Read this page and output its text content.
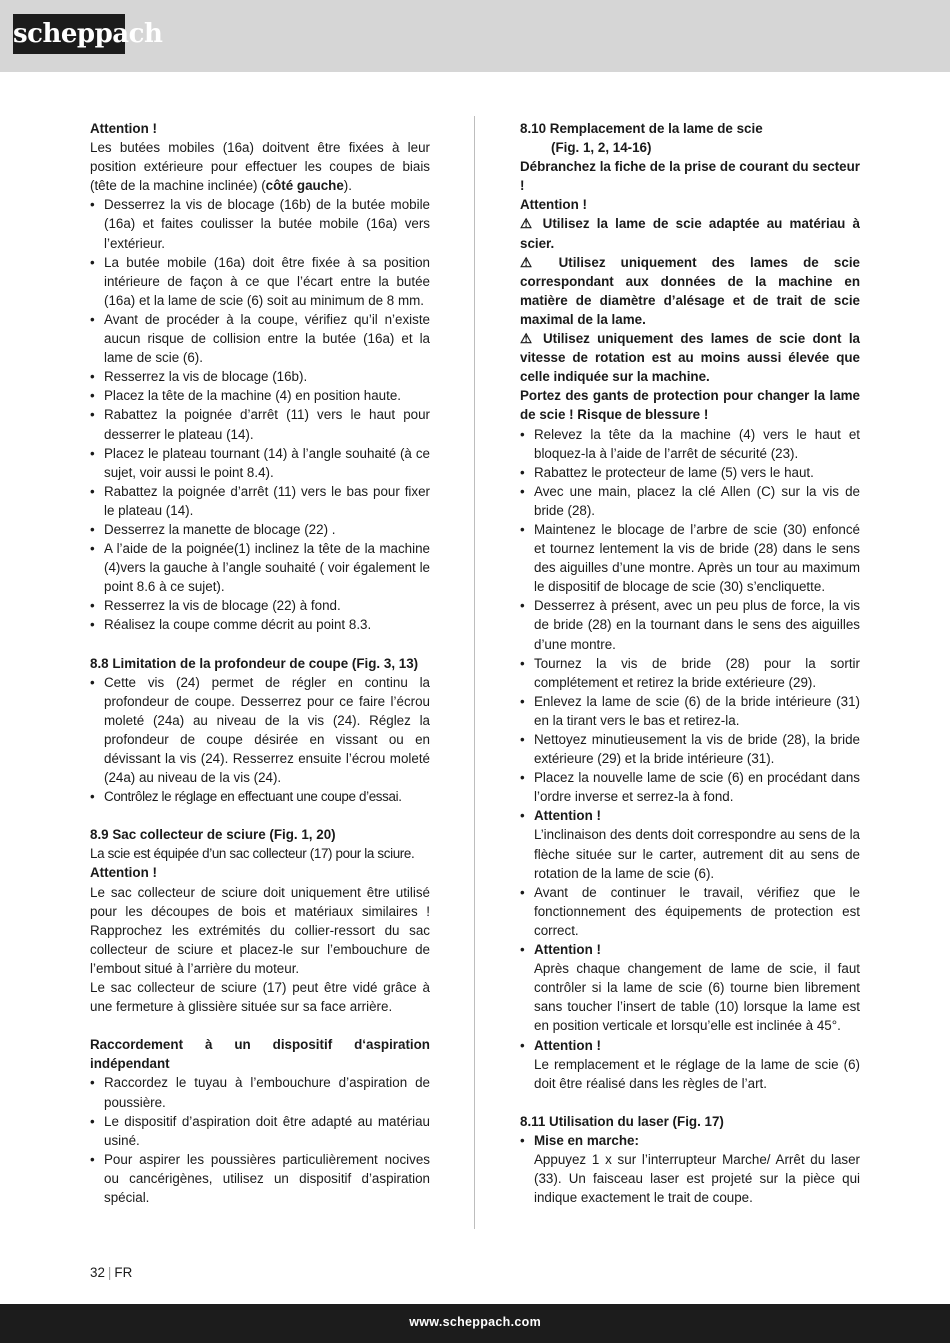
scheppach

Attention !

Les butées mobiles (16a) doitvent être fixées à leur position extérieure pour effectuer les coupes de biais (tête de la machine inclinée) (côté gauche).

• Desserrez la vis de blocage (16b) de la butée mobile (16a) et faites coulisser la butée mobile (16a) vers l’extérieur.
• La butée mobile (16a) doit être fixée à sa position intérieure de façon à ce que l’écart entre la butée (16a) et la lame de scie (6) soit au minimum de 8 mm.
• Avant de procéder à la coupe, vérifiez qu’il n’existe aucun risque de collision entre la butée (16a) et la lame de scie (6).
• Resserrez la vis de blocage (16b).
• Placez la tête de la machine (4) en position haute.
• Rabattez la poignée d’arrêt (11) vers le haut pour desserrer le plateau (14).
• Placez le plateau tournant (14) à l’angle souhaité (à ce sujet, voir aussi le point 8.4).
• Rabattez la poignée d’arrêt (11) vers le bas pour fixer le plateau (14).
• Desserrez la manette de blocage (22) .
• A l’aide de la poignée(1) inclinez la tête de la machine (4)vers la gauche à l’angle souhaité ( voir également le point 8.6 à ce sujet).
• Resserrez la vis de blocage (22) à fond.
• Réalisez la coupe comme décrit au point 8.3.

8.8 Limitation de la profondeur de coupe (Fig. 3, 13)

• Cette vis (24) permet de régler en continu la profondeur de coupe. Desserrez pour ce faire l’écrou moleté (24a) au niveau de la vis (24). Réglez la profondeur de coupe désirée en vissant ou en dévissant la vis (24). Resserrez ensuite l’écrou moleté (24a) au niveau de la vis (24).
• Contrôlez le réglage en effectuant une coupe d’essai.

8.9 Sac collecteur de sciure (Fig. 1, 20)

La scie est équipée d’un sac collecteur (17) pour la sciure.

Attention !

Le sac collecteur de sciure doit uniquement être utilisé pour les découpes de bois et matériaux similaires ! Rapprochez les extrémités du collier-ressort du sac collecteur de sciure et placez-le sur l’embouchure de l’embout situé à l’arrière du moteur.

Le sac collecteur de sciure (17) peut être vidé grâce à une fermeture à glissière située sur sa face arrière.

Raccordement à un dispositif d‘aspiration indépendant

• Raccordez le tuyau à l’embouchure d’aspiration de poussière.
• Le dispositif d’aspiration doit être adapté au matériau usiné.
• Pour aspirer les poussières particulièrement nocives ou cancérigènes, utilisez un dispositif d’aspiration spécial.

8.10 Remplacement de la lame de scie

(Fig. 1, 2, 14-16)

Débranchez la fiche de la prise de courant du secteur !

Attention !

⚠ Utilisez la lame de scie adaptée au matériau à scier.

⚠ Utilisez uniquement des lames de scie correspondant aux données de la machine en matière de diamètre d’alésage et de trait de scie maximal de la lame.

⚠ Utilisez uniquement des lames de scie dont la vitesse de rotation est au moins aussi élevée que celle indiquée sur la machine.

Portez des gants de protection pour changer la lame de scie ! Risque de blessure !

• Relevez la tête da la machine (4) vers le haut et bloquez-la à l’aide de l’arrêt de sécurité (23).
• Rabattez le protecteur de lame (5) vers le haut.
• Avec une main, placez la clé Allen (C) sur la vis de bride (28).
• Maintenez le blocage de l’arbre de scie (30) enfoncé et tournez lentement la vis de bride (28) dans le sens des aiguilles d’une montre. Après un tour au maximum le dispositif de blocage de scie (30) s’encliquette.
• Desserrez à présent, avec un peu plus de force, la vis de bride (28) en la tournant dans le sens des aiguilles d’une montre.
• Tournez la vis de bride (28) pour la sortir complétement et retirez la bride extérieure (29).
• Enlevez la lame de scie (6) de la bride intérieure (31) en la tirant vers le bas et retirez-la.
• Nettoyez minutieusement la vis de bride (28), la bride extérieure (29) et la bride intérieure (31).
• Placez la nouvelle lame de scie (6) en procédant dans l’ordre inverse et serrez-la à fond.
• Attention !
L’inclinaison des dents doit correspondre au sens de la flèche située sur le carter, autrement dit au sens de rotation de la lame de scie (6).
• Avant de continuer le travail, vérifiez que le fonctionnement des équipements de protection est correct.
• Attention !
Après chaque changement de lame de scie, il faut contrôler si la lame de scie (6) tourne bien librement sans toucher l’insert de table (10) lorsque la lame est en position verticale et lorsqu’elle est inclinée à 45°.
• Attention !
Le remplacement et le réglage de la lame de scie (6) doit être réalisé dans les règles de l’art.

8.11 Utilisation du laser (Fig. 17)

• Mise en marche:
Appuyez 1 x sur l’interrupteur Marche/ Arrêt du laser (33). Un faisceau laser est projeté sur la pièce qui indique exactement le trait de coupe.
32 | FR
www.scheppach.com
